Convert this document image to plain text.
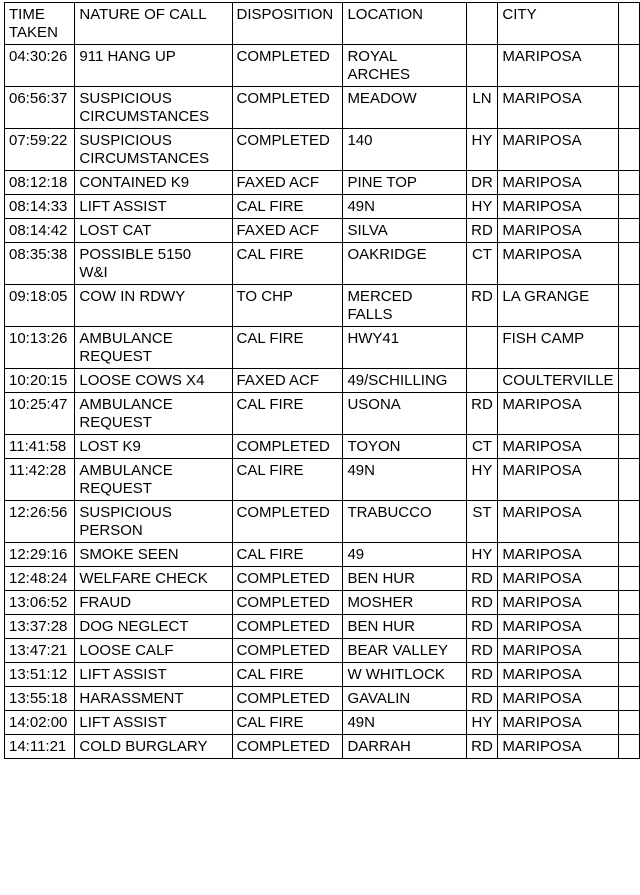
TIME
TAKEN	NATURE OF CALL	DISPOSITION	LOCATION		CITY	
04:30:26	911 HANG UP	COMPLETED	ROYAL
ARCHES		MARIPOSA	
06:56:37	SUSPICIOUS
CIRCUMSTANCES	COMPLETED	MEADOW	LN	MARIPOSA	
07:59:22	SUSPICIOUS
CIRCUMSTANCES	COMPLETED	140	HY	MARIPOSA	
08:12:18	CONTAINED K9	FAXED ACF	PINE TOP	DR	MARIPOSA	
08:14:33	LIFT ASSIST	CAL FIRE	49N	HY	MARIPOSA	
08:14:42	LOST CAT	FAXED ACF	SILVA	RD	MARIPOSA	
08:35:38	POSSIBLE 5150
W&I	CAL FIRE	OAKRIDGE	CT	MARIPOSA	
09:18:05	COW IN RDWY	TO CHP	MERCED
FALLS	RD	LA GRANGE	
10:13:26	AMBULANCE
REQUEST	CAL FIRE	HWY41		FISH CAMP	
10:20:15	LOOSE COWS X4	FAXED ACF	49/SCHILLING		COULTERVILLE	
10:25:47	AMBULANCE
REQUEST	CAL FIRE	USONA	RD	MARIPOSA	
11:41:58	LOST K9	COMPLETED	TOYON	CT	MARIPOSA	
11:42:28	AMBULANCE
REQUEST	CAL FIRE	49N	HY	MARIPOSA	
12:26:56	SUSPICIOUS
PERSON	COMPLETED	TRABUCCO	ST	MARIPOSA	
12:29:16	SMOKE SEEN	CAL FIRE	49	HY	MARIPOSA	
12:48:24	WELFARE CHECK	COMPLETED	BEN HUR	RD	MARIPOSA	
13:06:52	FRAUD	COMPLETED	MOSHER	RD	MARIPOSA	
13:37:28	DOG NEGLECT	COMPLETED	BEN HUR	RD	MARIPOSA	
13:47:21	LOOSE CALF	COMPLETED	BEAR VALLEY	RD	MARIPOSA	
13:51:12	LIFT ASSIST	CAL FIRE	W WHITLOCK	RD	MARIPOSA	
13:55:18	HARASSMENT	COMPLETED	GAVALIN	RD	MARIPOSA	
14:02:00	LIFT ASSIST	CAL FIRE	49N	HY	MARIPOSA	
14:11:21	COLD BURGLARY	COMPLETED	DARRAH	RD	MARIPOSA	
